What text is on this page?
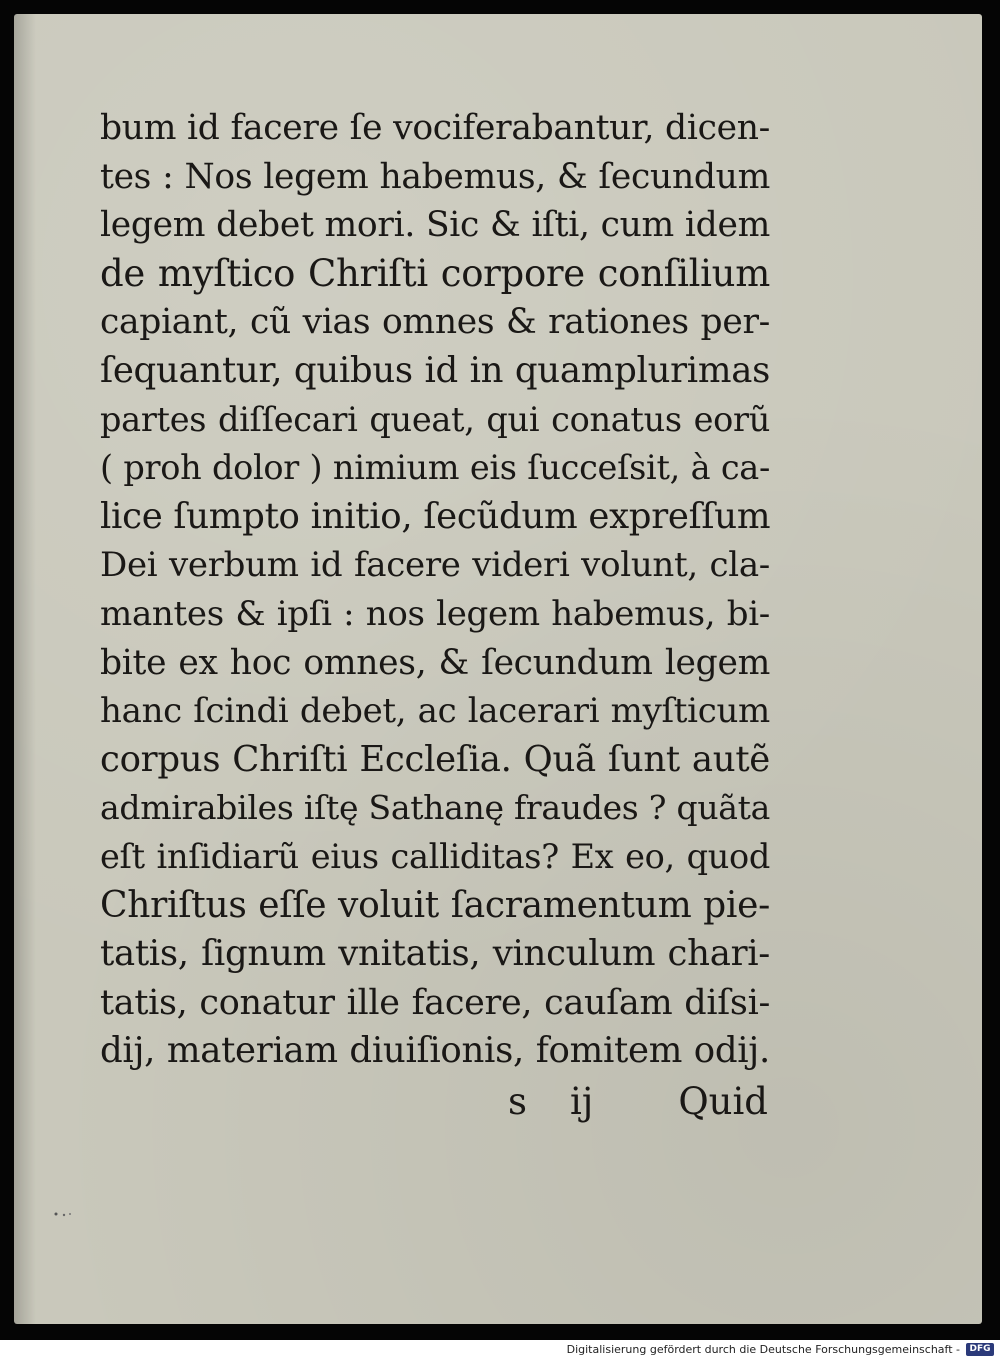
bum id facere ſe vociferabantur, dicen-
tes : Nos legem habemus, & ſecundum
legem debet mori. Sic & iſti, cum idem
de myſtico Chriſti corpore conſilium
capiant, cũ vias omnes & rationes per-
ſequantur, quibus id in quamplurimas
partes diſſecari queat, qui conatus eorũ
( proh dolor ) nimium eis ſucceſsit, à ca-
lice ſumpto initio, ſecũdum expreſſum
Dei verbum id facere videri volunt, cla-
mantes & ipſi : nos legem habemus, bi-
bite ex hoc omnes, & ſecundum legem
hanc ſcindi debet, ac lacerari myſticum
corpus Chriſti Eccleſia. Quã ſunt autẽ
admirabiles iſtę Sathanę fraudes ? quãta
eſt inſidiarũ eius calliditas? Ex eo, quod
Chriſtus eſſe voluit ſacramentum pie-
tatis, ſignum vnitatis, vinculum chari-
tatis, conatur ille facere, cauſam diſsi-
dij, materiam diuiſionis, fomitem odij.
s ij Quid
Digitalisierung gefördert durch die Deutsche Forschungsgemeinschaft -	DFG
